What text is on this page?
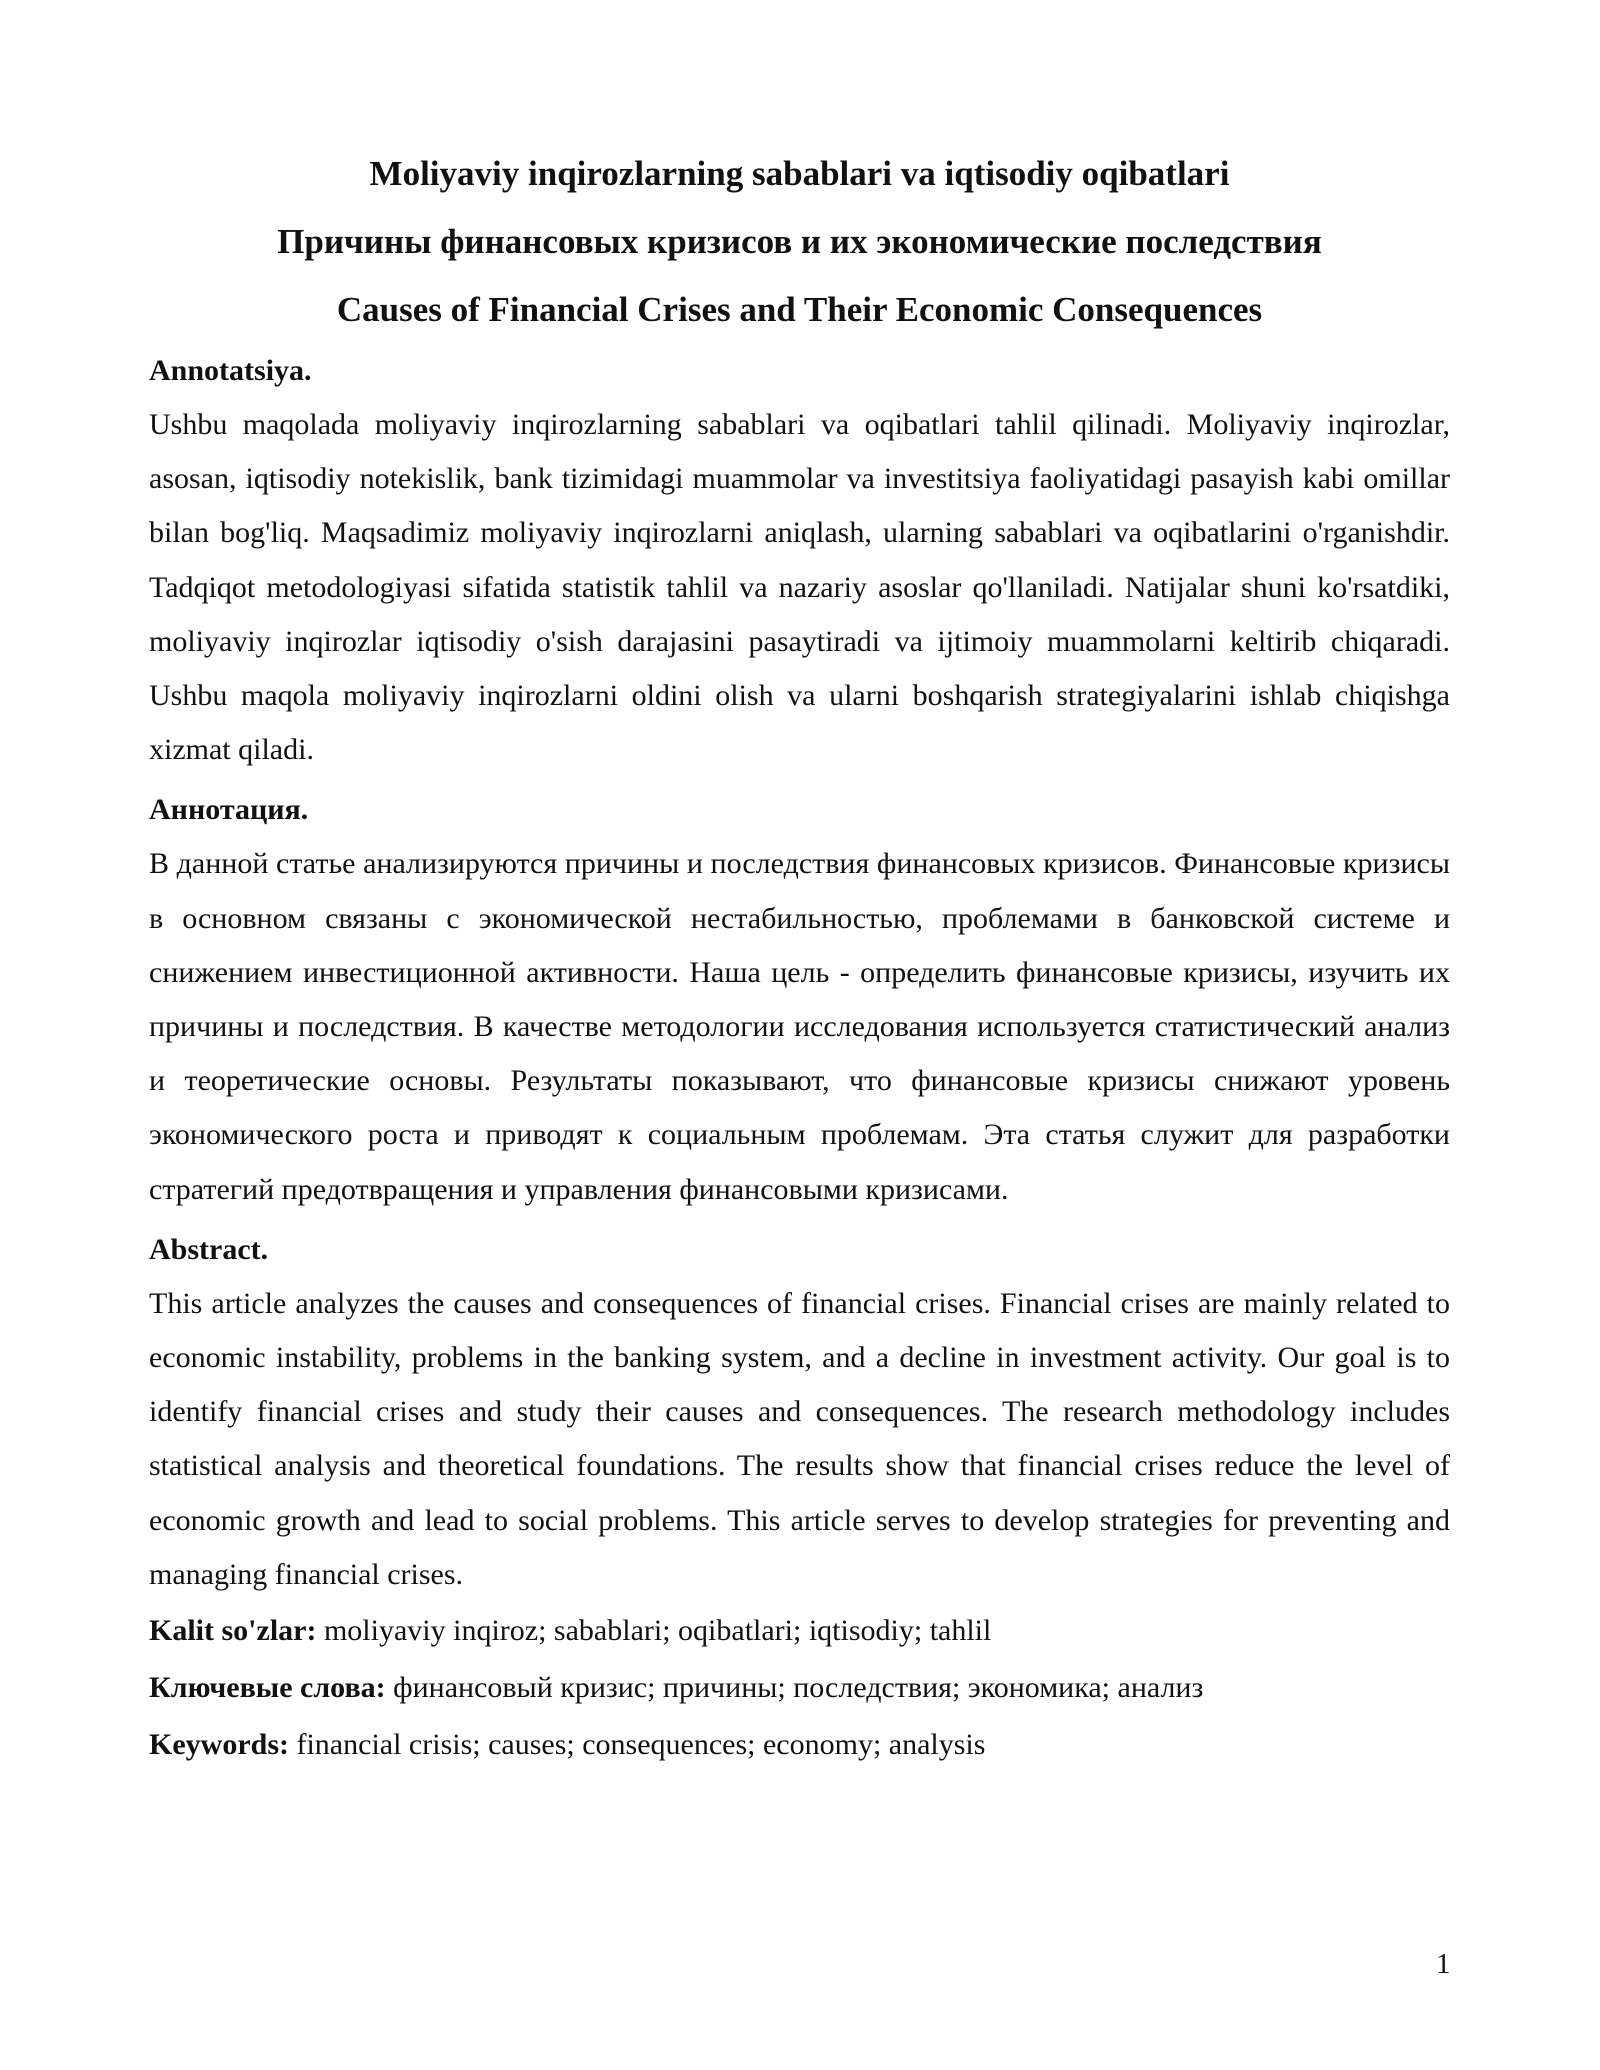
Moliyaviy inqirozlarning sabablari va iqtisodiy oqibatlari
Причины финансовых кризисов и их экономические последствия
Causes of Financial Crises and Their Economic Consequences

Annotatsiya.

Ushbu maqolada moliyaviy inqirozlarning sabablari va oqibatlari tahlil qilinadi. Moliyaviy inqirozlar, asosan, iqtisodiy notekislik, bank tizimidagi muammolar va investitsiya faoliyatidagi pasayish kabi omillar bilan bog'liq. Maqsadimiz moliyaviy inqirozlarni aniqlash, ularning sabablari va oqibatlarini o'rganishdir. Tadqiqot metodologiyasi sifatida statistik tahlil va nazariy asoslar qo'llaniladi. Natijalar shuni ko'rsatdiki, moliyaviy inqirozlar iqtisodiy o'sish darajasini pasaytiradi va ijtimoiy muammolarni keltirib chiqaradi. Ushbu maqola moliyaviy inqirozlarni oldini olish va ularni boshqarish strategiyalarini ishlab chiqishga xizmat qiladi.

Аннотация.

В данной статье анализируются причины и последствия финансовых кризисов. Финансовые кризисы в основном связаны с экономической нестабильностью, проблемами в банковской системе и снижением инвестиционной активности. Наша цель - определить финансовые кризисы, изучить их причины и последствия. В качестве методологии исследования используется статистический анализ и теоретические основы. Результаты показывают, что финансовые кризисы снижают уровень экономического роста и приводят к социальным проблемам. Эта статья служит для разработки стратегий предотвращения и управления финансовыми кризисами.

Abstract.

This article analyzes the causes and consequences of financial crises. Financial crises are mainly related to economic instability, problems in the banking system, and a decline in investment activity. Our goal is to identify financial crises and study their causes and consequences. The research methodology includes statistical analysis and theoretical foundations. The results show that financial crises reduce the level of economic growth and lead to social problems. This article serves to develop strategies for preventing and managing financial crises.

Kalit so'zlar: moliyaviy inqiroz; sabablari; oqibatlari; iqtisodiy; tahlil

Ключевые слова: финансовый кризис; причины; последствия; экономика; анализ

Keywords: financial crisis; causes; consequences; economy; analysis

1
